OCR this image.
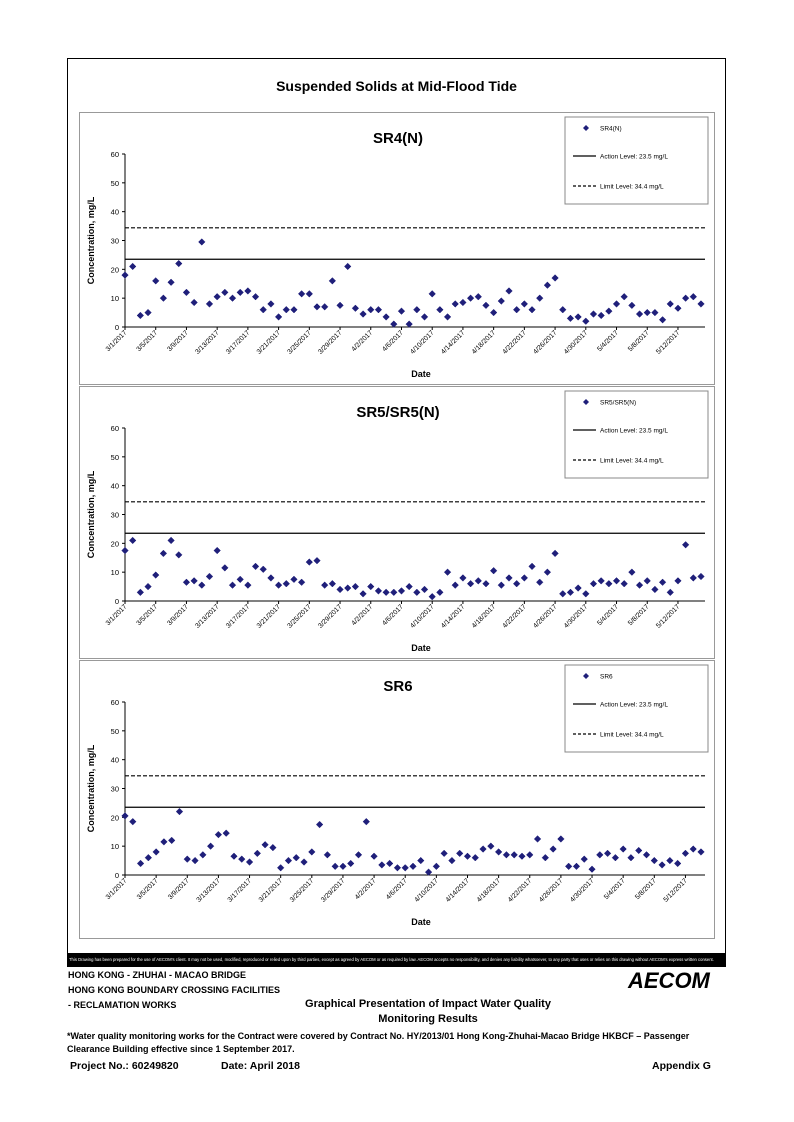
Suspended Solids at Mid-Flood Tide
SR4(N)
0
10
20
30
40
50
60
Concentration, mg/L
3/1/2017 3/5/2017 3/9/2017 3/13/2017 3/17/2017 3/21/2017 3/25/2017 3/29/2017 4/2/2017 4/6/2017 4/10/2017 4/14/2017 4/18/2017 4/22/2017 4/26/2017 4/30/2017 5/4/2017 5/8/2017 5/12/2017
Date
SR4(N)
Action Level: 23.5 mg/L
Limit Level: 34.4 mg/L
SR5/SR5(N)
0
10
20
30
40
50
60
Concentration, mg/L
3/1/2017 3/5/2017 3/9/2017 3/13/2017 3/17/2017 3/21/2017 3/25/2017 3/29/2017 4/2/2017 4/6/2017 4/10/2017 4/14/2017 4/18/2017 4/22/2017 4/26/2017 4/30/2017 5/4/2017 5/8/2017 5/12/2017
Date
SR5/SR5(N)
Action Level: 23.5 mg/L
Limit Level: 34.4 mg/L
SR6
0
10
20
30
40
50
60
Concentration, mg/L
3/1/2017 3/5/2017 3/9/2017 3/13/2017 3/17/2017 3/21/2017 3/25/2017 3/29/2017 4/2/2017 4/6/2017 4/10/2017 4/14/2017 4/18/2017 4/22/2017 4/26/2017 4/30/2017 5/4/2017 5/8/2017 5/12/2017
Date
SR6
Action Level: 23.5 mg/L
Limit Level: 34.4 mg/L
This Drawing has been prepared for the use of AECOM's client. It may not be used, modified, reproduced or relied upon by third parties, except as agreed by AECOM or as required by law. AECOM accepts no responsibility, and denies any liability whatsoever, to any party that uses or relies on this drawing without AECOM's express written consent.

HONG KONG - ZHUHAI - MACAO BRIDGE

HONG KONG BOUNDARY CROSSING FACILITIES

- RECLAMATION WORKS

AECOM

Graphical Presentation of Impact Water Quality
Monitoring Results

*Water quality monitoring works for the Contract were covered by Contract No. HY/2013/01 Hong Kong-Zhuhai-Macao Bridge HKBCF – Passenger Clearance Building effective since 1 September 2017.

Project No.: 60249820	Date: April 2018	Appendix G
